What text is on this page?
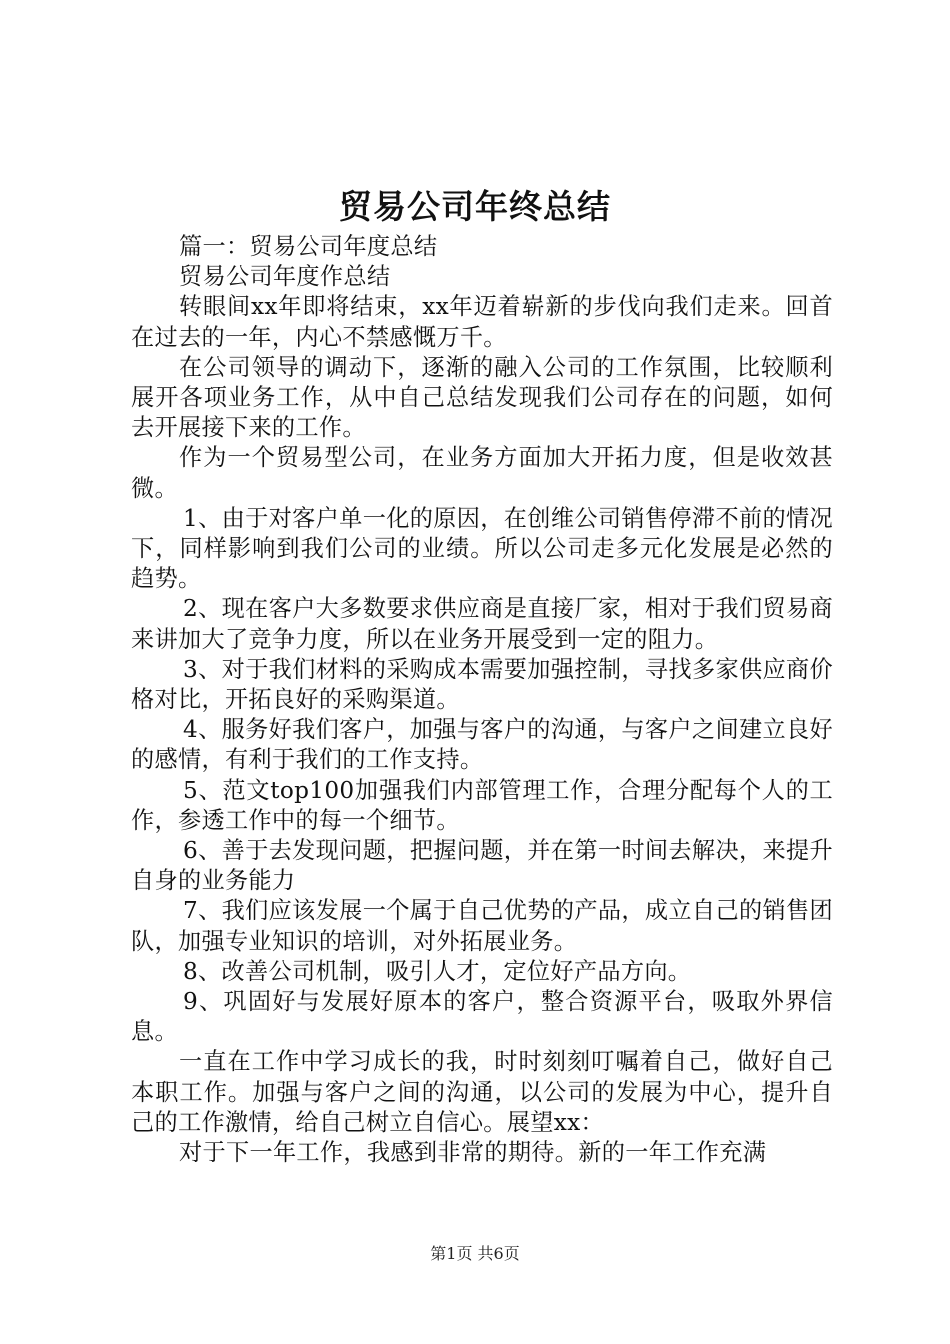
贸易公司年终总结

篇一：贸易公司年度总结

贸易公司年度作总结

转眼间xx年即将结束，xx年迈着崭新的步伐向我们走来。回首在过去的一年，内心不禁感慨万千。

在公司领导的调动下，逐渐的融入公司的工作氛围，比较顺利展开各项业务工作，从中自己总结发现我们公司存在的问题，如何去开展接下来的工作。

作为一个贸易型公司，在业务方面加大开拓力度，但是收效甚微。

1、由于对客户单一化的原因，在创维公司销售停滞不前的情况下，同样影响到我们公司的业绩。所以公司走多元化发展是必然的趋势。

2、现在客户大多数要求供应商是直接厂家，相对于我们贸易商来讲加大了竞争力度，所以在业务开展受到一定的阻力。

3、对于我们材料的采购成本需要加强控制，寻找多家供应商价格对比，开拓良好的采购渠道。

4、服务好我们客户，加强与客户的沟通，与客户之间建立良好的感情，有利于我们的工作支持。

5、范文top100加强我们内部管理工作，合理分配每个人的工作，参透工作中的每一个细节。

6、善于去发现问题，把握问题，并在第一时间去解决，来提升自身的业务能力

7、我们应该发展一个属于自己优势的产品，成立自己的销售团队，加强专业知识的培训，对外拓展业务。

8、改善公司机制，吸引人才，定位好产品方向。

9、巩固好与发展好原本的客户，整合资源平台，吸取外界信息。

一直在工作中学习成长的我，时时刻刻叮嘱着自己，做好自己本职工作。加强与客户之间的沟通，以公司的发展为中心，提升自己的工作激情，给自己树立自信心。展望xx：

对于下一年工作，我感到非常的期待。新的一年工作充满

第1页 共6页
